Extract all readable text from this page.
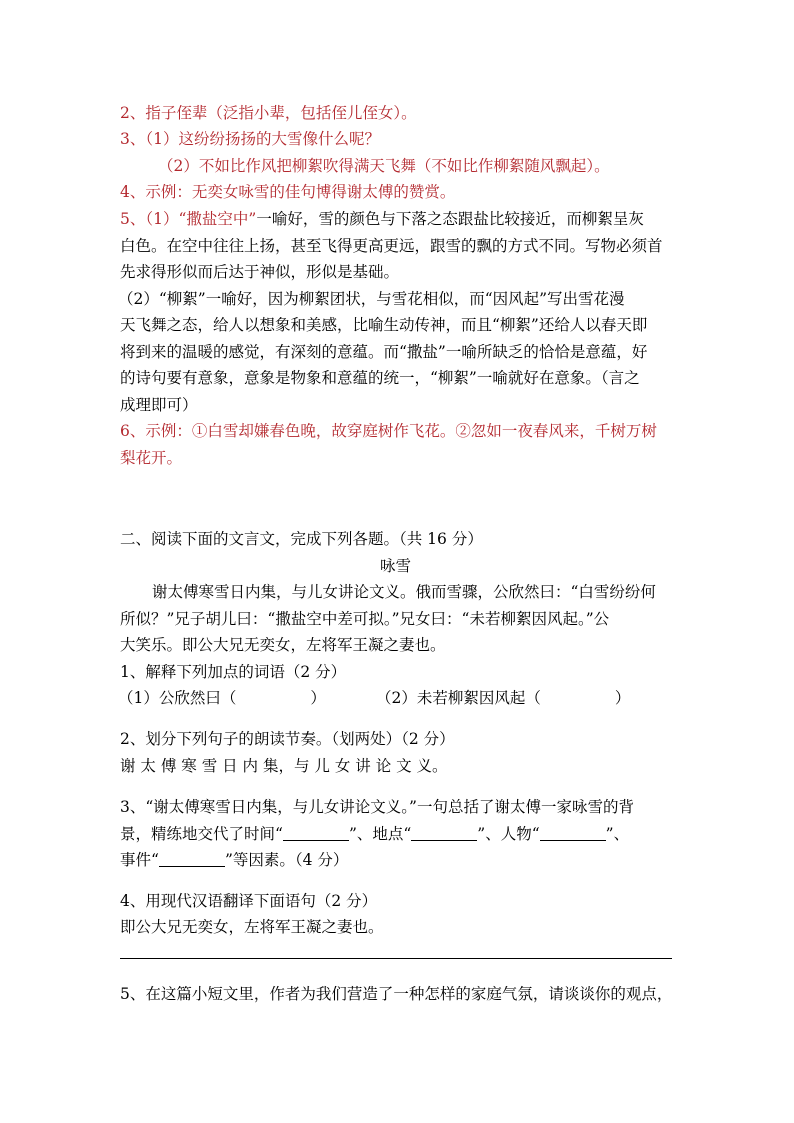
2、指子侄辈（泛指小辈，包括侄儿侄女）。
3、（1）这纷纷扬扬的大雪像什么呢？
（2）不如比作风把柳絮吹得满天飞舞（不如比作柳絮随风飘起）。
4、示例：无奕女咏雪的佳句博得谢太傅的赞赏。
5、（1）“撒盐空中”一喻好，雪的颜色与下落之态跟盐比较接近，而柳絮呈灰
白色。在空中往往上扬，甚至飞得更高更远，跟雪的飘的方式不同。写物必须首
先求得形似而后达于神似，形似是基础。
（2）“柳絮”一喻好，因为柳絮团状，与雪花相似，而“因风起”写出雪花漫
天飞舞之态，给人以想象和美感，比喻生动传神，而且“柳絮”还给人以春天即
将到来的温暖的感觉，有深刻的意蕴。而“撒盐”一喻所缺乏的恰恰是意蕴，好
的诗句要有意象，意象是物象和意蕴的统一，“柳絮”一喻就好在意象。（言之
成理即可）
6、示例：①白雪却嫌春色晚，故穿庭树作飞花。②忽如一夜春风来，千树万树
梨花开。
二、阅读下面的文言文，完成下列各题。（共 16 分）
咏雪
谢太傅寒雪日内集，与儿女讲论文义。俄而雪骤，公欣然曰：“白雪纷纷何
所似？”兄子胡儿曰：“撒盐空中差可拟。”兄女曰：“未若柳絮因风起。”公
大笑乐。即公大兄无奕女，左将军王凝之妻也。
1、解释下列加点的词语（2 分）
（1）公欣然曰（	）	（2）未若柳絮因风起（	）
2、划分下列句子的朗读节奏。（划两处）（2 分）
谢 太 傅 寒 雪 日 内 集，与 儿 女 讲 论 文 义。
3、“谢太傅寒雪日内集，与儿女讲论文义。”一句总括了谢太傅一家咏雪的背
景，精练地交代了时间“	”、地点“	”、人物“	”、
事件“	”等因素。（4 分）
4、用现代汉语翻译下面语句（2 分）
即公大兄无奕女，左将军王凝之妻也。
5、在这篇小短文里，作者为我们营造了一种怎样的家庭气氛，请谈谈你的观点，
